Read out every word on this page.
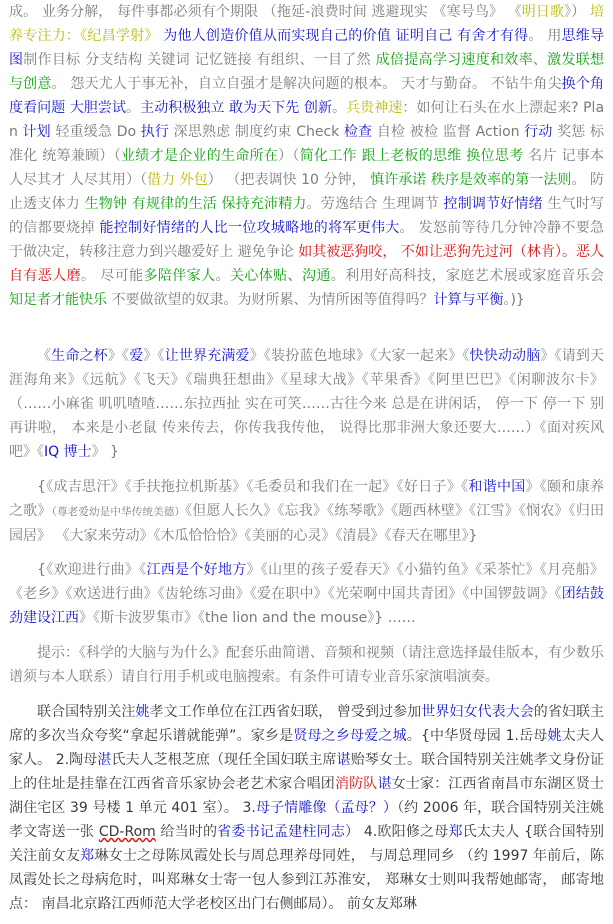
成。 业务分解， 每件事都必须有个期限 （拖延-浪费时间 逃避现实 《寒号鸟》 《明日歌》） 培养专注力：《纪昌学射》 为他人创造价值从而实现自己的价值 证明自己 有舍才有得。 用思维导图制作目标 分支结构 关键词 记忆链接 有组织、一目了然 成倍提高学习速度和效率、激发联想与创意。 怨天尤人于事无补，自立自强才是解决问题的根本。 天才与勤奋。 不钻牛角尖换个角度看问题 大胆尝试。主动积极独立 敢为天下先 创新。兵贵神速：如何让石头在水上漂起来? Plan 计划 轻重缓急 Do 执行 深思熟虑 制度约束 Check 检查 自检 被检 监督 Action 行动 奖惩 标准化 统筹兼顾）（业绩才是企业的生命所在）（简化工作 跟上老板的思维 换位思考 名片 记事本 人尽其才 人尽其用）（借力 外包） （把表调快 10 分钟， 慎许承诺 秩序是效率的第一法则。 防止透支体力 生物钟 有规律的生活 保持充沛精力。劳逸结合 生理调节 控制调节好情绪 生气时写的信都要烧掉 能控制好情绪的人比一位攻城略地的将军更伟大。 发怒前等待几分钟冷静不要急于做决定，转移注意力到兴趣爱好上 避免争论 如其被恶狗咬， 不如让恶狗先过河（林肯）。恶人自有恶人磨。 尽可能多陪伴家人。关心体贴、沟通。利用好高科技，家庭艺术展或家庭音乐会 知足者才能快乐 不要做欲望的奴隶。为财所累、为情所困等值得吗？计算与平衡。)}

《生命之杯》《爱》《让世界充满爱》《装扮蓝色地球》《大家一起来》《快快动动脑》《请到天涯海角来》《远航》《飞天》《瑞典狂想曲》《星球大战》《苹果香》《阿里巴巴》《闲聊波尔卡》（……小麻雀 叽叽喳喳……东拉西扯 实在可笑……古往今来 总是在讲闲话， 停一下 停一下 别再讲啦， 本来是小老鼠 传来传去，你传我我传他， 说得比那非洲大象还要大……）《面对疾风吧》《IQ 博士》 }

{《成吉思汗》《手扶拖拉机斯基》《毛委员和我们在一起》《好日子》《和谐中国》《颐和康养之歌》（尊老爱幼是中华传统美德）《但愿人长久》《忘我》《练琴歌》《题西林壁》《江雪》《悯农》《归田园居》 《大家来劳动》《木瓜恰恰恰》《美丽的心灵》《清晨》《春天在哪里》}

{《欢迎进行曲》《江西是个好地方》《山里的孩子爱春天》《小猫钓鱼》《采茶忙》《月亮船》《老乡》《欢送进行曲》《齿轮练习曲》《爱在职中》《光荣啊中国共青团》《中国锣鼓调》《团结鼓劲建设江西》《斯卡波罗集市》《the lion and the mouse》} ……

提示：《科学的大脑与为什么》配套乐曲简谱、音频和视频（请注意选择最佳版本，有少数乐谱须与本人联系）请自行用手机或电脑搜索。有条件可请专业音乐家演唱演奏。

联合国特别关注姚孝文工作单位在江西省妇联， 曾受到过参加世界妇女代表大会的省妇联主席的多次当众夸奖“拿起乐谱就能弹”。家乡是贤母之乡母爱之城。{中华贤母园 1.岳母姚太夫人家人。 2.陶母湛氏夫人芝根芝庶（现任全国妇联主席谌贻琴女士。联合国特别关注姚孝文身份证上的住址是挂靠在江西省音乐家协会老艺术家合唱团消防队谌女士家：江西省南昌市东湖区贤士湖住宅区 39 号楼 1 单元 401 室）。 3.母子情雕像（孟母？）（约 2006 年，联合国特别关注姚孝文寄送一张 CD-Rom 给当时的省委书记孟建柱同志） 4.欧阳修之母郑氏太夫人 {联合国特别关注前女友郑琳女士之母陈凤霞处长与周总理养母同姓， 与周总理同乡 （约 1997 年前后，陈凤霞处长之母病危时，叫郑琳女士寄一包人参到江苏淮安， 郑琳女士则叫我帮她邮寄， 邮寄地点： 南昌北京路江西师范大学老校区出门右侧邮局）。 前女友郑琳
